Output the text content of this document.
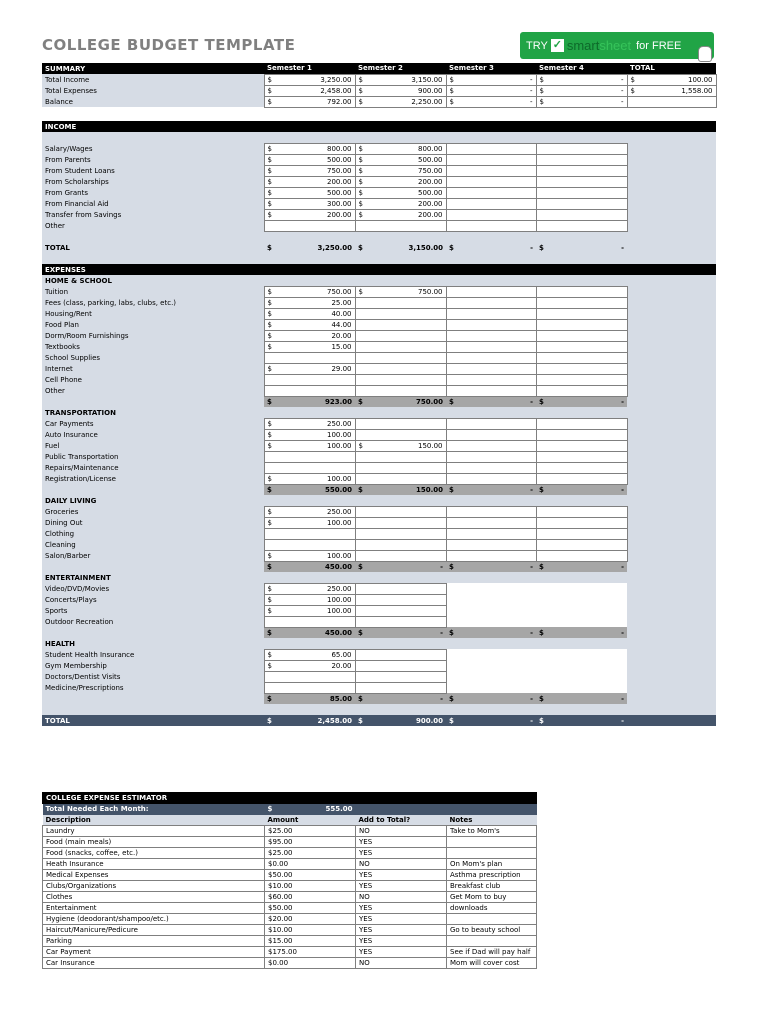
COLLEGE BUDGET TEMPLATE	TRY ✓ smartsheet for FREE
SUMMARY	Semester 1	Semester 2	Semester 3	Semester 4	TOTAL
Total Income	$ 3,250.00	$ 3,150.00	$ -	$ -	$ 100.00

Total Expenses	$ 2,458.00	$ 900.00	$ -	$ -	$ 1,558.00

Balance	$ 792.00	$ 2,250.00	$ -	$ -	

INCOME					

Salary/Wages	$ 800.00	$ 800.00			

From Parents	$ 500.00	$ 500.00			

From Student Loans	$ 750.00	$ 750.00			

From Scholarships	$ 200.00	$ 200.00			

From Grants	$ 500.00	$ 500.00			

From Financial Aid	$ 300.00	$ 200.00			

Transfer from Savings	$ 200.00	$ 200.00			

Other	

TOTAL	$ 3,250.00	$ 3,150.00	$ -	$ -	

EXPENSES					
HOME & SCHOOL					
Tuition	$ 750.00	$ 750.00			

Fees (class, parking, labs, clubs, etc.)	$ 25.00				

Housing/Rent	$ 40.00				

Food Plan	$ 44.00				

Dorm/Room Furnishings	$ 20.00				

Textbooks	$ 15.00				

School Supplies	

Internet	$ 29.00				

Cell Phone	

Other	

	$ 923.00	$ 750.00	$ -	$ -	

TRANSPORTATION					
Car Payments	$ 250.00				

Auto Insurance	$ 100.00				

Fuel	$ 100.00	$ 150.00			

Public Transportation	

Repairs/Maintenance	

Registration/License	$ 100.00				

	$ 550.00	$ 150.00	$ -	$ -	

DAILY LIVING					
Groceries	$ 250.00				

Dining Out	$ 100.00				

Clothing	

Cleaning	

Salon/Barber	$ 100.00				

	$ 450.00	$ -	$ -	$ -	

ENTERTAINMENT					
Video/DVD/Movies	$ 250.00				

Concerts/Plays	$ 100.00				

Sports	$ 100.00				

Outdoor Recreation	

	$ 450.00	$ -	$ -	$ -	

HEALTH					
Student Health Insurance	$ 65.00				

Gym Membership	$ 20.00				

Doctors/Dentist Visits	

Medicine/Prescriptions	

	$ 85.00	$ -	$ -	$ -	

TOTAL	$ 2,458.00	$ 900.00	$ -	$ -	

COLLEGE EXPENSE ESTIMATOR			
Total Needed Each Month:	$ 555.00		

Description	Amount	Add to Total?	Notes
Laundry	$25.00	NO	Take to Mom's
Food (main meals)	$95.00	YES	
Food (snacks, coffee, etc.)	$25.00	YES	
Heath Insurance	$0.00	NO	On Mom's plan
Medical Expenses	$50.00	YES	Asthma prescription
Clubs/Organizations	$10.00	YES	Breakfast club
Clothes	$60.00	NO	Get Mom to buy
Entertainment	$50.00	YES	downloads
Hygiene (deodorant/shampoo/etc.)	$20.00	YES	
Haircut/Manicure/Pedicure	$10.00	YES	Go to beauty school
Parking	$15.00	YES	
Car Payment	$175.00	YES	See if Dad will pay half
Car Insurance	$0.00	NO	Mom will cover cost
